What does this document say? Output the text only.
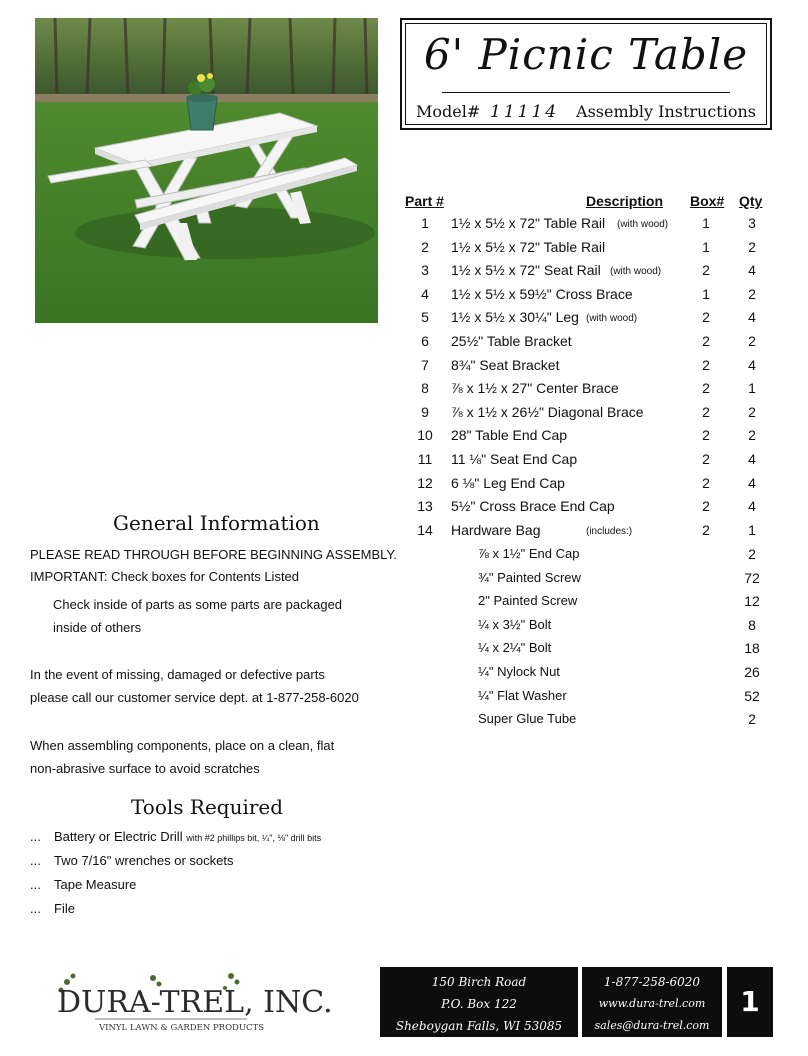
6' Picnic Table
Model# 11114 Assembly Instructions
Part #	Description Box# Qty
1	1½ x 5½ x 72" Table Rail (with wood)	1	3
2	1½ x 5½ x 72" Table Rail	1	2
3	1½ x 5½ x 72" Seat Rail (with wood)	2	4
4	1½ x 5½ x 59½" Cross Brace	1	2
5	1½ x 5½ x 30¼" Leg (with wood)	2	4
6	25½" Table Bracket	2	2
7	8¾" Seat Bracket	2	4
8	⅞ x 1½ x 27" Center Brace	2	1
9	⅞ x 1½ x 26½" Diagonal Brace	2	2
10	28" Table End Cap	2	2
11	11 ⅛" Seat End Cap	2	4
12	6 ⅛" Leg End Cap	2	4
13	5½" Cross Brace End Cap	2	4
14	Hardware Bag	(includes:)	2	1
⅞ x 1½" End Cap	2
¾" Painted Screw	72
2" Painted Screw	12
¼ x 3½" Bolt	8
¼ x 2¼" Bolt	18
¼" Nylock Nut	26
¼" Flat Washer	52
Super Glue Tube	2
General Information
PLEASE READ THROUGH BEFORE BEGINNING ASSEMBLY.
IMPORTANT: Check boxes for Contents Listed
Check inside of parts as some parts are packaged
inside of others
In the event of missing, damaged or defective parts
please call our customer service dept. at 1-877-258-6020
When assembling components, place on a clean, flat
non-abrasive surface to avoid scratches
Tools Required
... Battery or Electric Drill with #2 phillips bit, ¼", ⅛" drill bits
... Two 7/16" wrenches or sockets
... Tape Measure
... File
DURA-TREL, INC.
VINYL LAWN & GARDEN PRODUCTS
150 Birch Road
P.O. Box 122
Sheboygan Falls, WI 53085
1-877-258-6020
www.dura-trel.com
sales@dura-trel.com
1
